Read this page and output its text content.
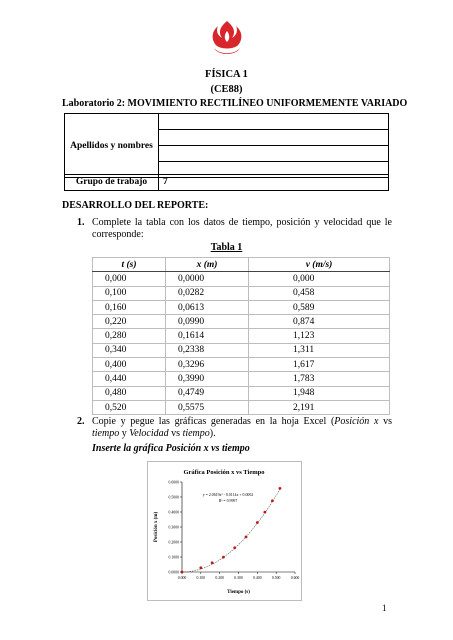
FÍSICA 1
(CE88)
Laboratorio 2: MOVIMIENTO RECTILÍNEO UNIFORMEMENTE VARIADO
Apellidos y nombres	
Grupo de trabajo	7
DESARROLLO DEL REPORTE:
1. Complete la tabla con los datos de tiempo, posición y velocidad que le corresponde:
Tabla 1
t (s)	x (m)	v (m/s)
0,000	0,0000	0,000
0,100	0,0282	0,458
0,160	0,0613	0,589
0,220	0,0990	0,874
0,280	0,1614	1,123
0,340	0,2338	1,311
0,400	0,3296	1,617
0,440	0,3990	1,783
0,480	0,4749	1,948
0,520	0,5575	2,191
2. Copie y pegue las gráficas generadas en la hoja Excel (Posición x vs tiempo y Velocidad vs tiempo).
Inserte la gráfica Posición x vs tiempo
Gráfica Posición x vs Tiempo
0.000	0.100	0.200	0.300	0.400	0.500	0.600
0.0000
0.1000
0.2000
0.3000
0.4000
0.5000
0.6000
Tiempo (s)
Posición x (m)
y = 2.0619x² - 0.0114x + 0.0002
R² = 0.9997
1
